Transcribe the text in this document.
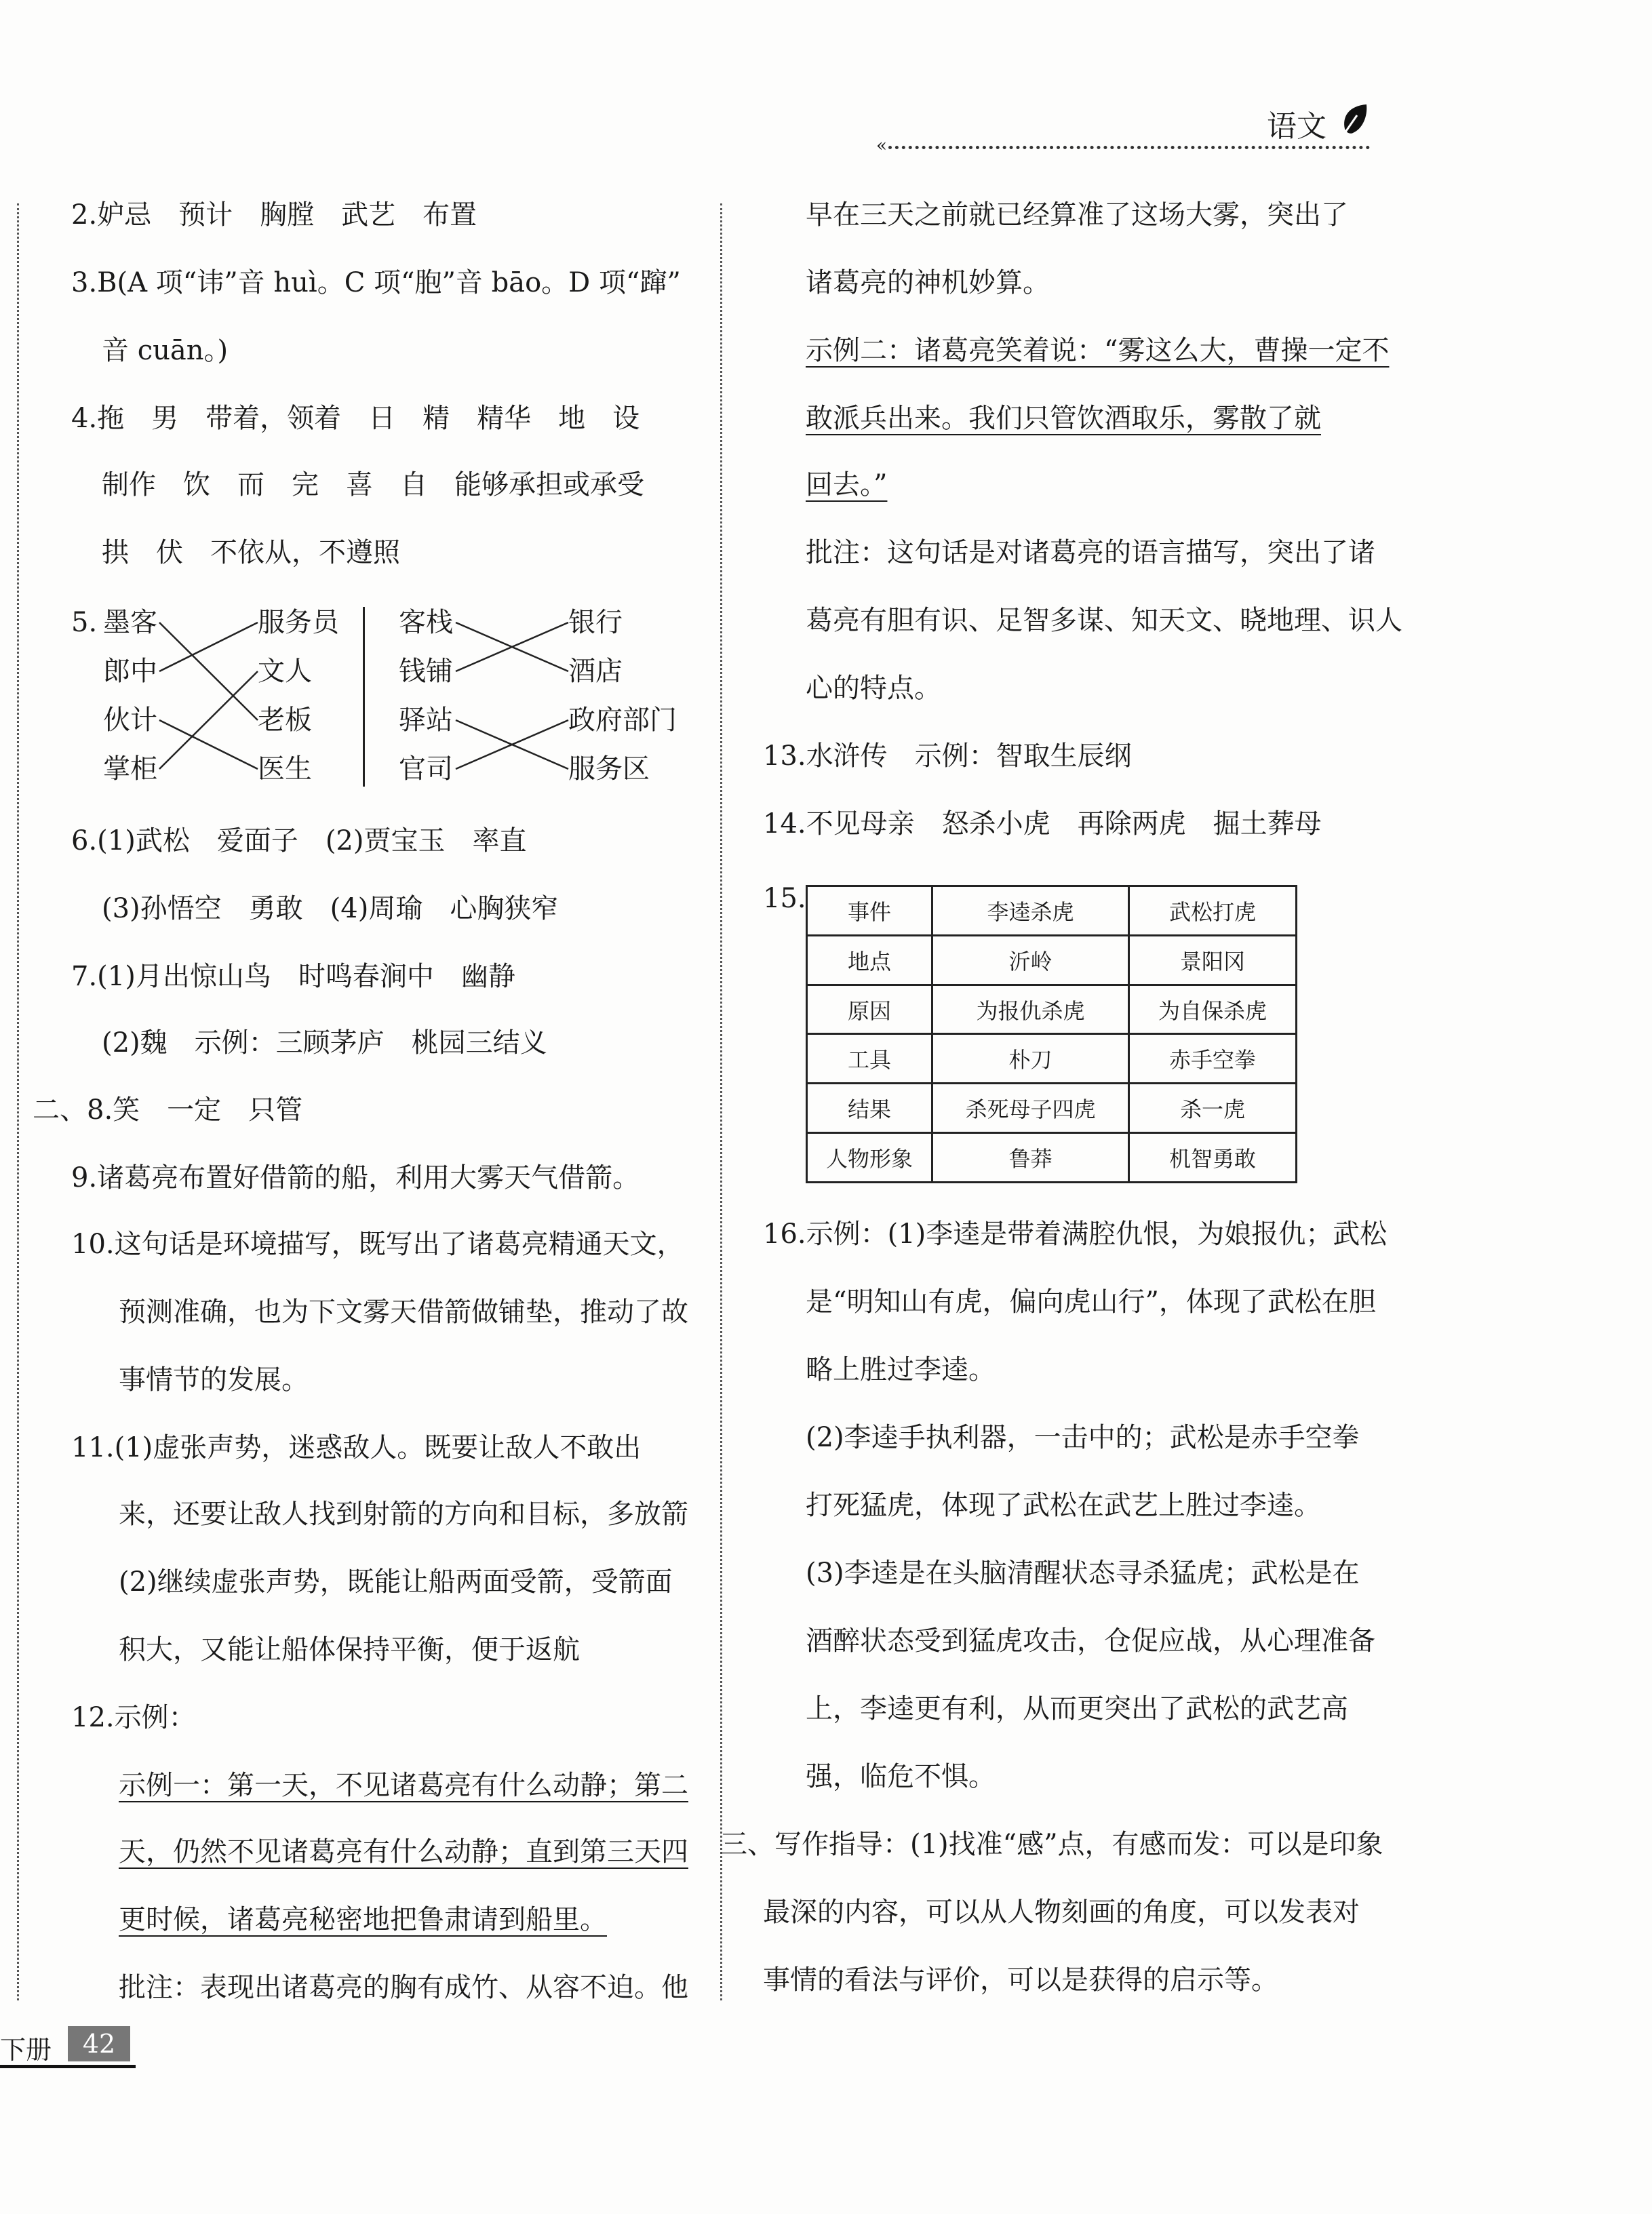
语文
«
2.妒忌　预计　胸膛　武艺　布置
3.B(A 项“讳”音 huì。C 项“胞”音 bāo。D 项“蹿”
音 cuān。)
4.拖　男　带着，领着　日　精　精华　地　设
制作　饮　而　完　喜　自　能够承担或承受
拱　伏　不依从，不遵照
5. 墨客
郎中
伙计
掌柜
服务员
文人
老板
医生
客栈
钱铺
驿站
官司
银行
酒店
政府部门
服务区
6.(1)武松　爱面子　(2)贾宝玉　率直
(3)孙悟空　勇敢　(4)周瑜　心胸狭窄
7.(1)月出惊山鸟　时鸣春涧中　幽静
(2)魏　示例：三顾茅庐　桃园三结义
二、8.笑　一定　只管
9.诸葛亮布置好借箭的船，利用大雾天气借箭。
10.这句话是环境描写，既写出了诸葛亮精通天文，
预测准确，也为下文雾天借箭做铺垫，推动了故
事情节的发展。
11.(1)虚张声势，迷惑敌人。既要让敌人不敢出
来，还要让敌人找到射箭的方向和目标，多放箭
(2)继续虚张声势，既能让船两面受箭，受箭面
积大，又能让船体保持平衡，便于返航
12.示例：
示例一：第一天，不见诸葛亮有什么动静；第二
天，仍然不见诸葛亮有什么动静；直到第三天四
更时候，诸葛亮秘密地把鲁肃请到船里。
批注：表现出诸葛亮的胸有成竹、从容不迫。他
早在三天之前就已经算准了这场大雾，突出了
诸葛亮的神机妙算。
示例二：诸葛亮笑着说：“雾这么大，曹操一定不
敢派兵出来。我们只管饮酒取乐，雾散了就
回去。”
批注：这句话是对诸葛亮的语言描写，突出了诸
葛亮有胆有识、足智多谋、知天文、晓地理、识人
心的特点。
13.水浒传　示例：智取生辰纲
14.不见母亲　怒杀小虎　再除两虎　掘土葬母
15. 事件	李逵杀虎	武松打虎
地点	沂岭	景阳冈
原因	为报仇杀虎	为自保杀虎
工具	朴刀	赤手空拳
结果	杀死母子四虎	杀一虎
人物形象	鲁莽	机智勇敢
16.示例：(1)李逵是带着满腔仇恨，为娘报仇；武松
是“明知山有虎，偏向虎山行”，体现了武松在胆
略上胜过李逵。
(2)李逵手执利器，一击中的；武松是赤手空拳
打死猛虎，体现了武松在武艺上胜过李逵。
(3)李逵是在头脑清醒状态寻杀猛虎；武松是在
酒醉状态受到猛虎攻击，仓促应战，从心理准备
上，李逵更有利，从而更突出了武松的武艺高
强，临危不惧。
三、写作指导：(1)找准“感”点，有感而发：可以是印象
最深的内容，可以从人物刻画的角度，可以发表对
事情的看法与评价，可以是获得的启示等。
下册	42
